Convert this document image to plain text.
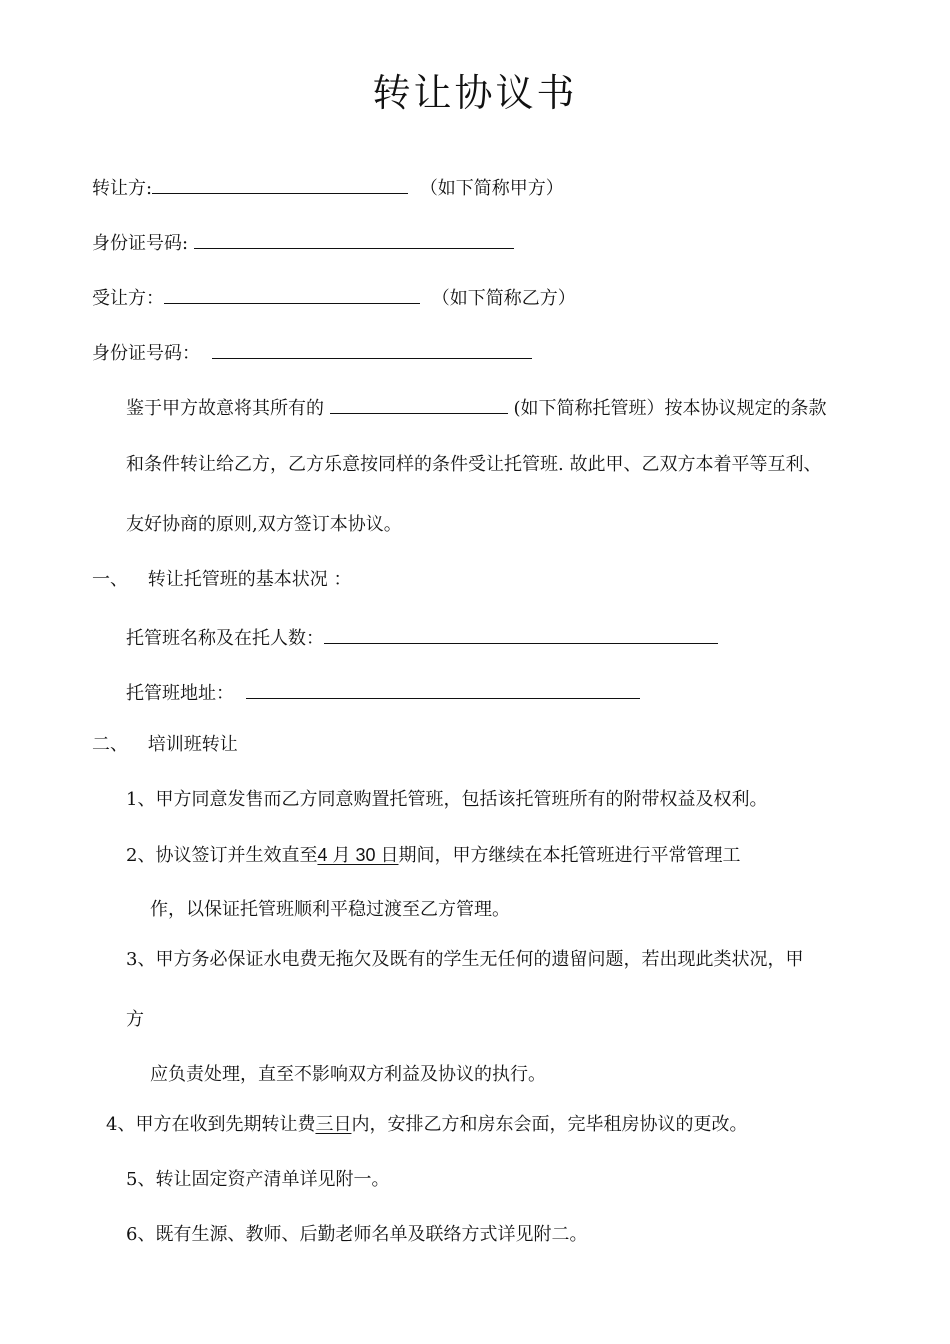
转让协议书
转让方:	（如下简称甲方）
身份证号码:
受让方：	（如下简称乙方）
身份证号码：
鉴于甲方故意将其所有的	(如下简称托管班）按本协议规定的条款
和条件转让给乙方，乙方乐意按同样的条件受让托管班. 故此甲、乙双方本着平等互利、
友好协商的原则,双方签订本协议。
一、 转让托管班的基本状况 ：
托管班名称及在托人数：
托管班地址：
二、 培训班转让
1、甲方同意发售而乙方同意购置托管班，包括该托管班所有的附带权益及权利。
2、协议签订并生效直至4 月 30 日期间，甲方继续在本托管班进行平常管理工
作，以保证托管班顺利平稳过渡至乙方管理。
3、甲方务必保证水电费无拖欠及既有的学生无任何的遗留问题，若出现此类状况，甲
方
应负责处理，直至不影响双方利益及协议的执行。
4、甲方在收到先期转让费三日内，安排乙方和房东会面，完毕租房协议的更改。
5、转让固定资产清单详见附一。
6、既有生源、教师、后勤老师名单及联络方式详见附二。
